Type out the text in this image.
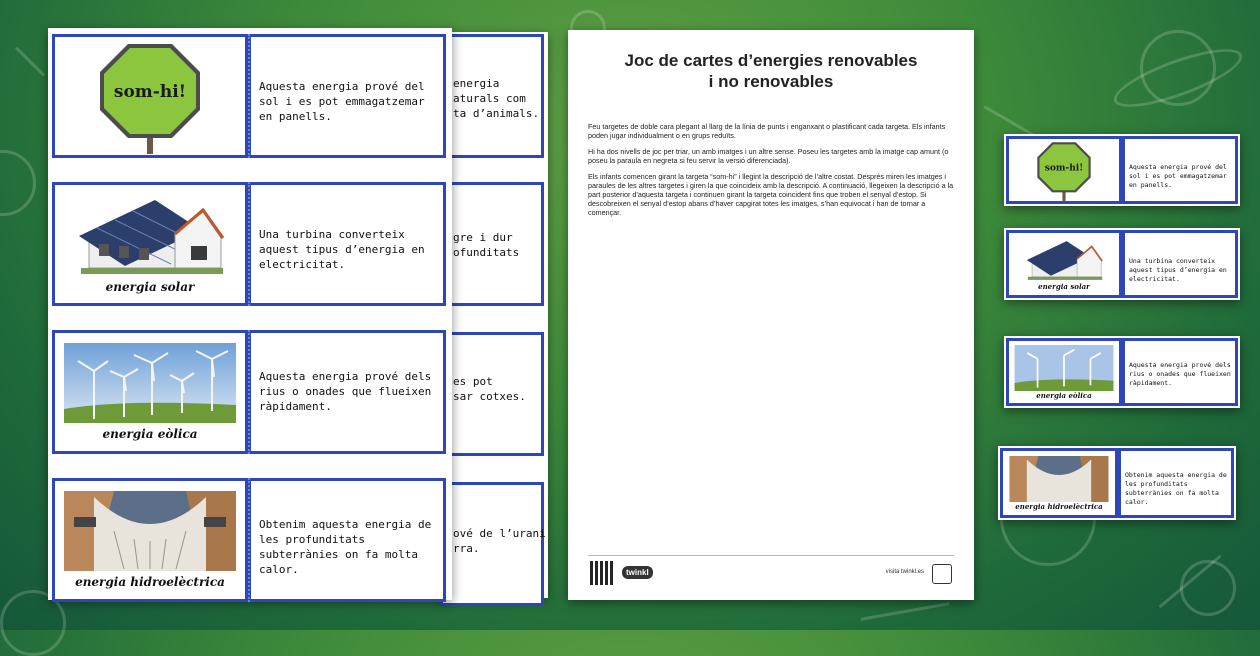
energia
aturals com
ta d’animals.
gre i dur
ofunditats
es pot
sar cotxes.
ové de l’urani
rra.
som-hi!	Aquesta energia prové del sol i es pot emmagatzemar en panells.
energia solar
Una turbina converteix aquest tipus d’energia en electricitat.
energia eòlica
Aquesta energia prové dels rius o onades que flueixen ràpidament.
energia hidroelèctrica
Obtenim aquesta energia de les profunditats subterrànies on fa molta calor.
Joc de cartes d’energies renovables
i no renovables

Feu targetes de doble cara plegant al llarg de la línia de punts i enganxant o plastificant cada targeta. Els infants poden jugar individualment o en grups reduïts.

Hi ha dos nivells de joc per triar, un amb imatges i un altre sense. Poseu les targetes amb la imatge cap amunt (o poseu la paraula en negreta si feu servir la versió diferenciada).

Els infants comencen girant la targeta “som-hi” i llegint la descripció de l’altre costat. Després miren les imatges i paraules de les altres targetes i giren la que coincideix amb la descripció. A continuació, llegeixen la descripció a la part posterior d’aquesta targeta i continuen girant la targeta coincident fins que troben el senyal d’estop. Si descobreixen el senyal d’estop abans d’haver capgirat totes les imatges, s’han equivocat i han de tornar a començar.

twinkl	visita twinkl.es
som-hi!	Aquesta energia prové del sol i es pot emmagatzemar en panells.
energia solar
Una turbina converteix aquest tipus d’energia en electricitat.
energia eòlica
Aquesta energia prové dels rius o onades que flueixen ràpidament.
energia hidroelèctrica
Obtenim aquesta energia de les profunditats subterrànies on fa molta calor.
